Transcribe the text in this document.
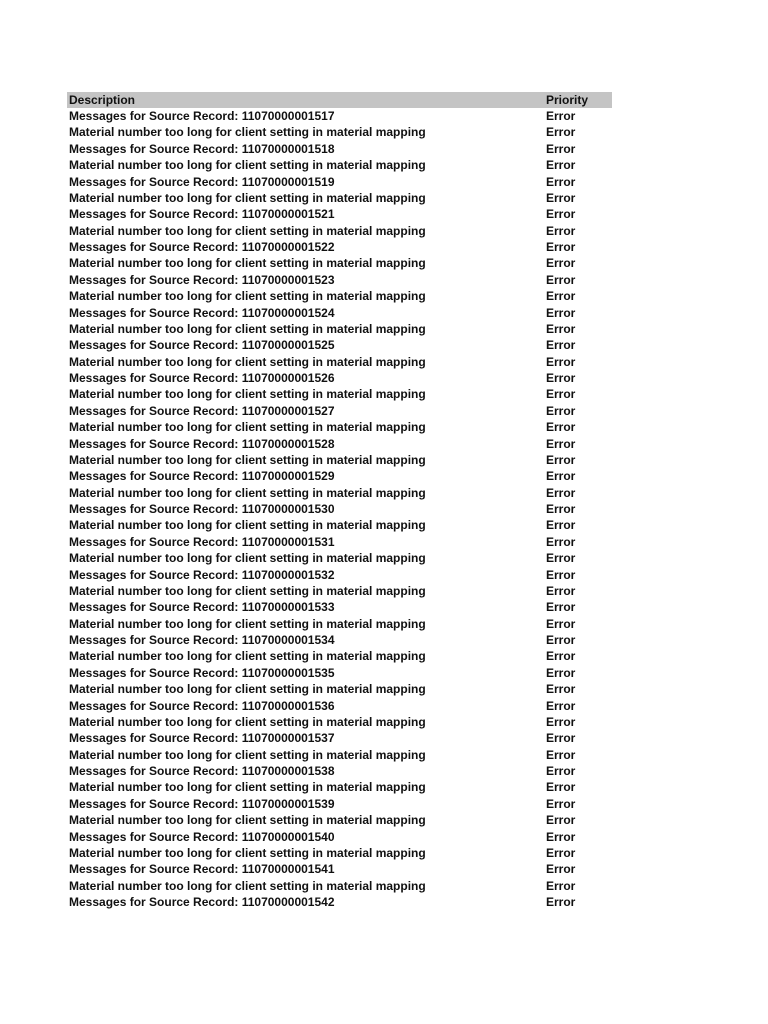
Description	Priority
Messages for Source Record: 11070000001517	Error
Material number too long for client setting in material mapping	Error
Messages for Source Record: 11070000001518	Error
Material number too long for client setting in material mapping	Error
Messages for Source Record: 11070000001519	Error
Material number too long for client setting in material mapping	Error
Messages for Source Record: 11070000001521	Error
Material number too long for client setting in material mapping	Error
Messages for Source Record: 11070000001522	Error
Material number too long for client setting in material mapping	Error
Messages for Source Record: 11070000001523	Error
Material number too long for client setting in material mapping	Error
Messages for Source Record: 11070000001524	Error
Material number too long for client setting in material mapping	Error
Messages for Source Record: 11070000001525	Error
Material number too long for client setting in material mapping	Error
Messages for Source Record: 11070000001526	Error
Material number too long for client setting in material mapping	Error
Messages for Source Record: 11070000001527	Error
Material number too long for client setting in material mapping	Error
Messages for Source Record: 11070000001528	Error
Material number too long for client setting in material mapping	Error
Messages for Source Record: 11070000001529	Error
Material number too long for client setting in material mapping	Error
Messages for Source Record: 11070000001530	Error
Material number too long for client setting in material mapping	Error
Messages for Source Record: 11070000001531	Error
Material number too long for client setting in material mapping	Error
Messages for Source Record: 11070000001532	Error
Material number too long for client setting in material mapping	Error
Messages for Source Record: 11070000001533	Error
Material number too long for client setting in material mapping	Error
Messages for Source Record: 11070000001534	Error
Material number too long for client setting in material mapping	Error
Messages for Source Record: 11070000001535	Error
Material number too long for client setting in material mapping	Error
Messages for Source Record: 11070000001536	Error
Material number too long for client setting in material mapping	Error
Messages for Source Record: 11070000001537	Error
Material number too long for client setting in material mapping	Error
Messages for Source Record: 11070000001538	Error
Material number too long for client setting in material mapping	Error
Messages for Source Record: 11070000001539	Error
Material number too long for client setting in material mapping	Error
Messages for Source Record: 11070000001540	Error
Material number too long for client setting in material mapping	Error
Messages for Source Record: 11070000001541	Error
Material number too long for client setting in material mapping	Error
Messages for Source Record: 11070000001542	Error
